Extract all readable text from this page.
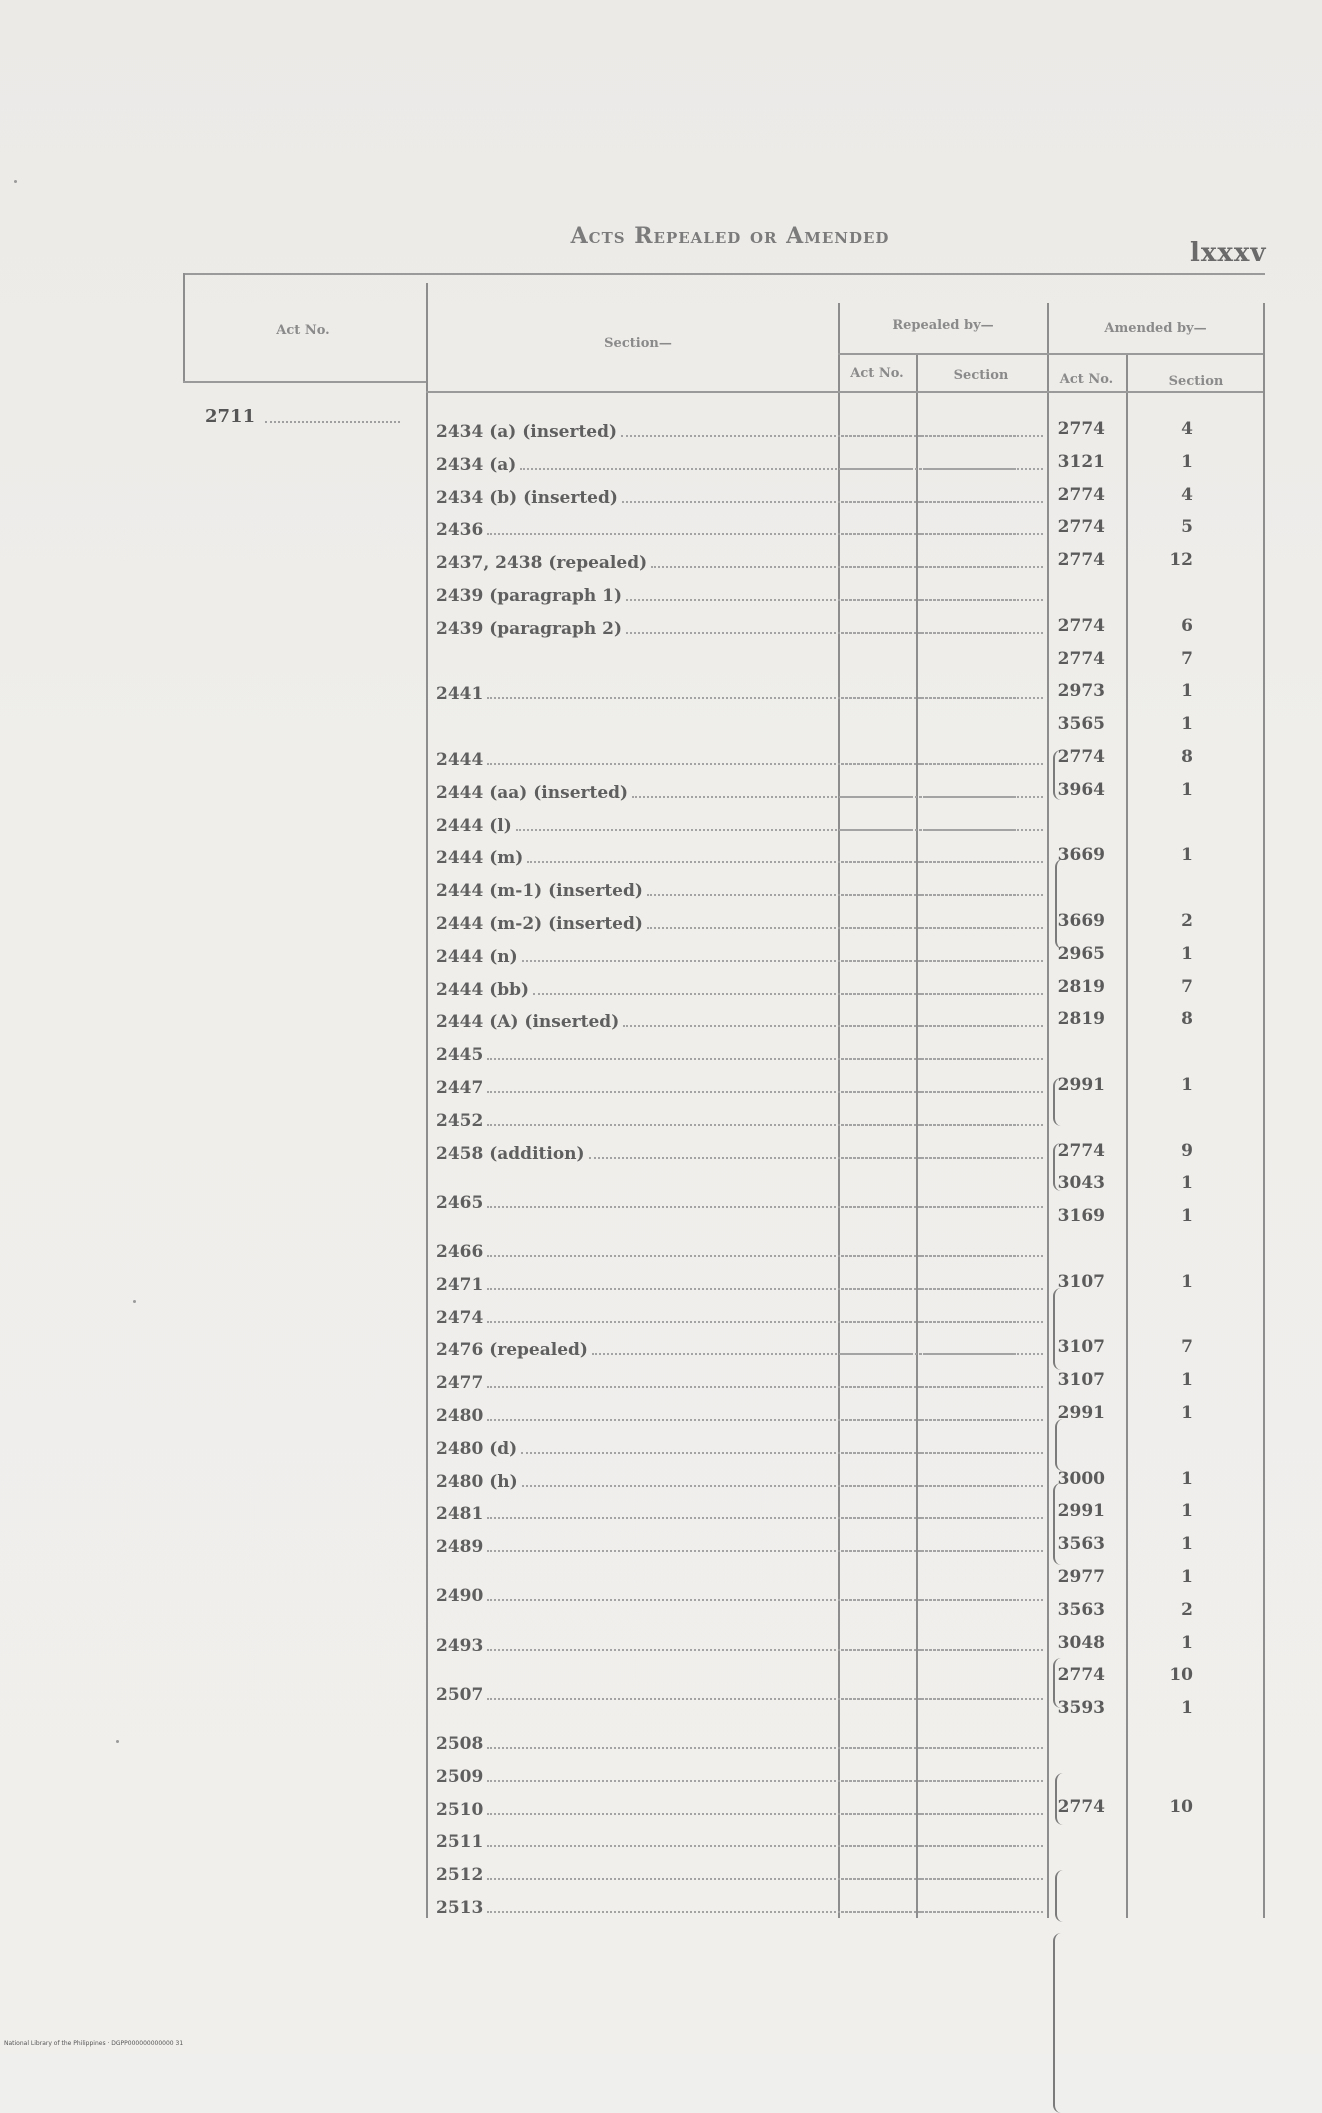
Acts Repealed or Amended
lxxxv
Act No.
Section—
Repealed by—	Amended by—
Act No.	Section	Act No.	Section
2711
2434 (a) (inserted)	2774	4
2434 (a)	3121	1
2434 (b) (inserted)	2774	4
2436	2774	5
2437, 2438 (repealed)	2774	12
2439 (paragraph 1)
2439 (paragraph 2)	2774	6
2441
2774	7
2973	1
3565	1
2444	2774	8
2444 (aa) (inserted)	3964	1
2444 (l)
2444 (m)	3669	1
2444 (m-1) (inserted)
2444 (m-2) (inserted)	3669	2
2444 (n)	2965	1
2444 (bb)	2819	7
2444 (A) (inserted)	2819	8
2445
2447	2991	1
2452
2458 (addition)	2774	9
2465
3043	1
3169	1
2466
2471	3107	1
2474
2476 (repealed)	3107	7
2477	3107	1
2480	2991	1
2480 (d)
2480 (h)	3000	1
2481	2991	1
2489	3563	1
2490
2977	1
3563	2
2493	3048	1
2507
2774	10
3593	1
2508
2509
2510	2774	10
2511
2512
2513
National Library of the Philippines · DGPP000000000000 31
